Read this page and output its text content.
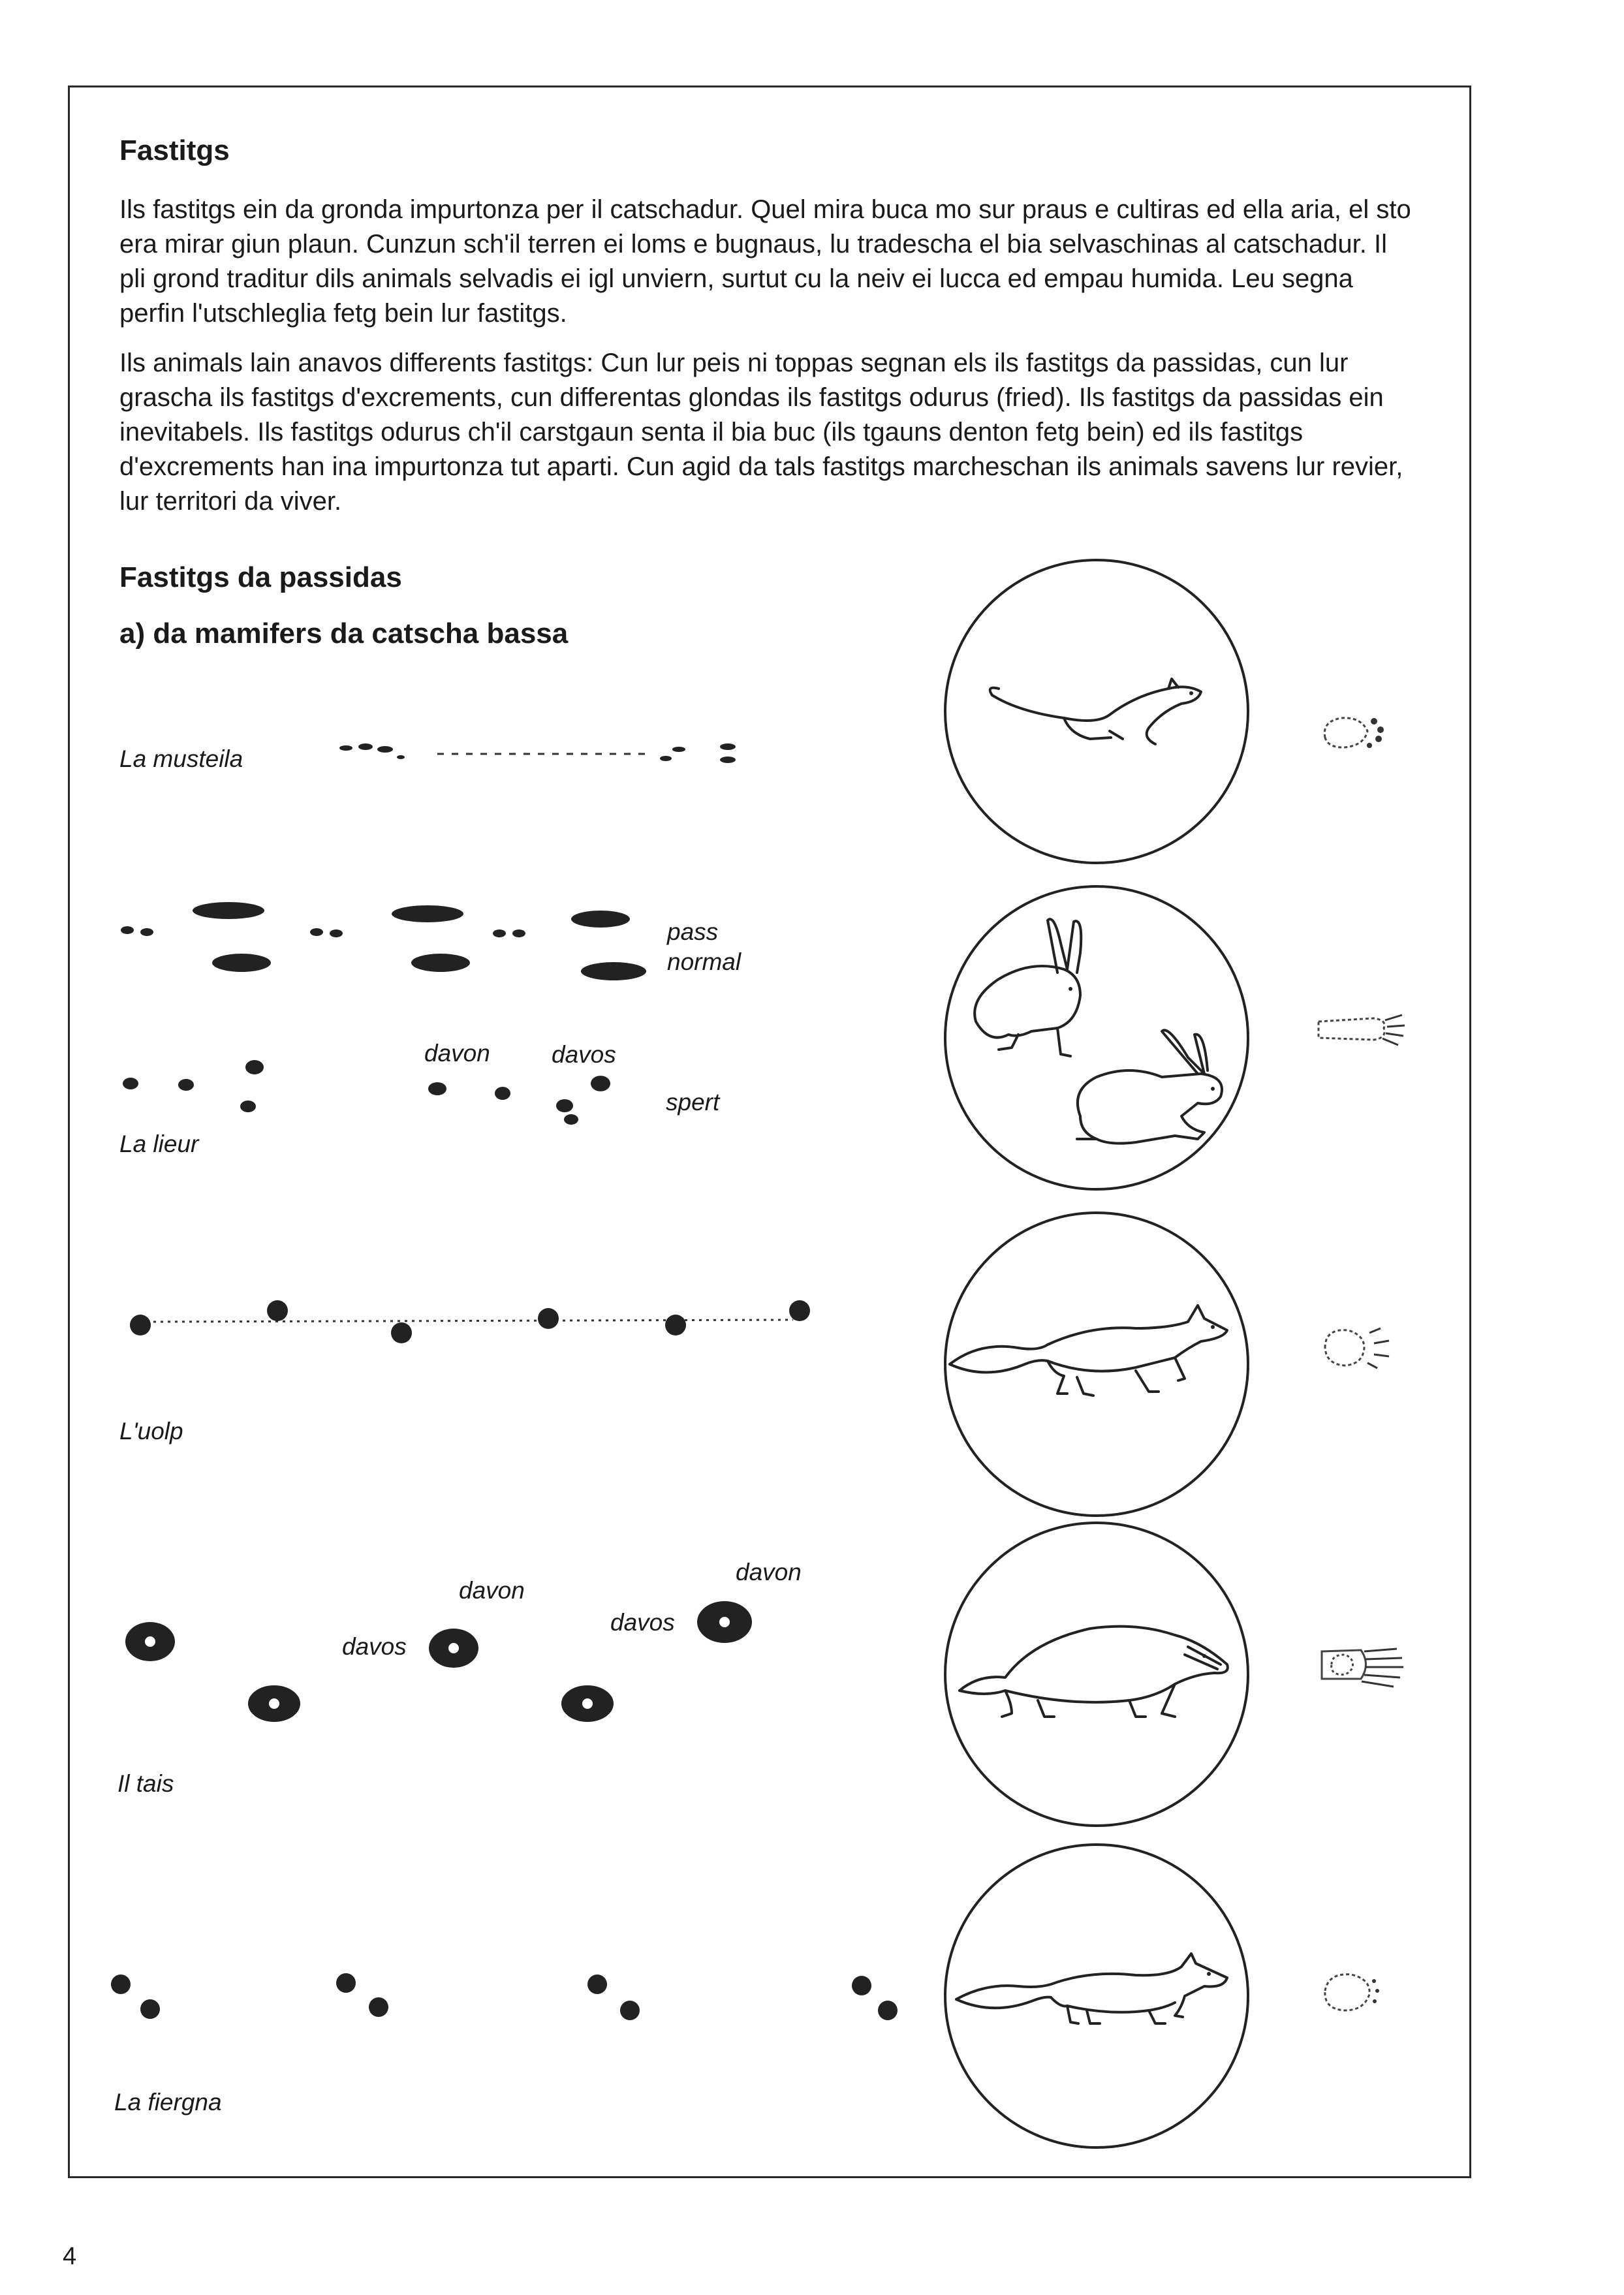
Fastitgs

Ils fastitgs ein da gronda impurtonza per il catschadur. Quel mira buca mo sur praus e cultiras ed ella aria, el sto era mirar giun plaun. Cunzun sch'il terren ei loms e bugnaus, lu tradescha el bia selvaschinas al catschadur. Il pli grond traditur dils animals selvadis ei igl unviern, surtut cu la neiv ei lucca ed empau humida. Leu segna perfin l'utschleglia fetg bein lur fastitgs.

Ils animals lain anavos differents fastitgs: Cun lur peis ni toppas segnan els ils fastitgs da passidas, cun lur grascha ils fastitgs d'excrements, cun differentas glondas ils fastitgs odurus (fried). Ils fastitgs da passidas ein inevitabels. Ils fastitgs odurus ch'il carstgaun senta il bia buc (ils tgauns denton fetg bein) ed ils fastitgs d'excrements han ina impurtonza tut aparti. Cun agid da tals fastitgs marcheschan ils animals savens lur revier, lur territori da viver.

Fastitgs da passidas
a) da mamifers da catscha bassa
La musteila
pass
normal
davon	davos
spert
La lieur
L'uolp
davon
davos
davon
davos
Il tais
La fiergna
4
